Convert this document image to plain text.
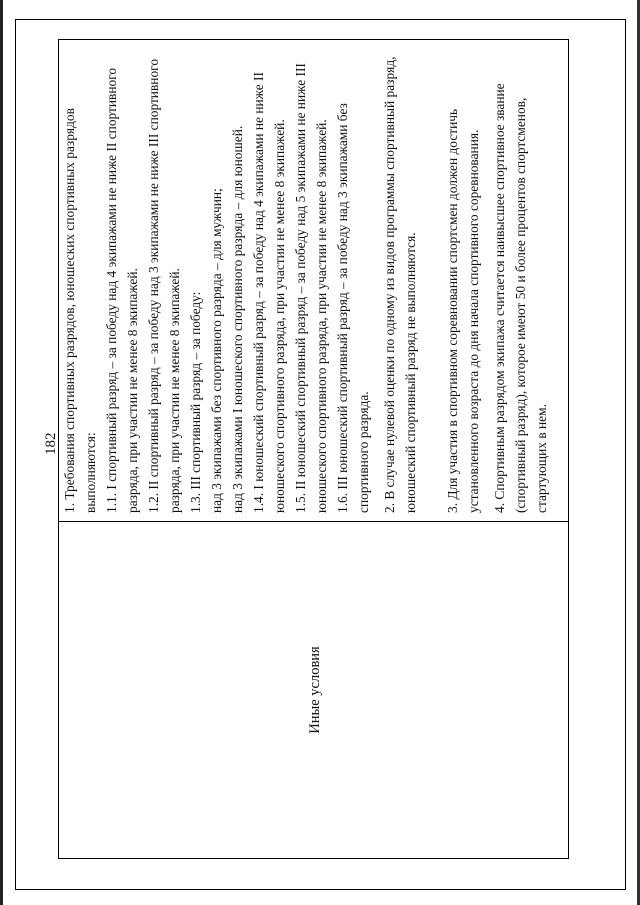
182
Иные условия

1. Требования спортивных разрядов, юношеских спортивных разрядов выполняются: 1.1. I спортивный разряд – за победу над 4 экипажами не ниже II спортивного разряда, при участии не менее 8 экипажей. 1.2. II спортивный разряд – за победу над 3 экипажами не ниже III спортивного разряда, при участии не менее 8 экипажей. 1.3. III спортивный разряд – за победу: над 3 экипажами без спортивного разряда – для мужчин; над 3 экипажами I юношеского спортивного разряда – для юношей. 1.4. I юношеский спортивный разряд – за победу над 4 экипажами не ниже II юношеского спортивного разряда, при участии не менее 8 экипажей. 1.5. II юношеский спортивный разряд – за победу над 5 экипажами не ниже III юношеского спортивного разряда, при участии не менее 8 экипажей. 1.6. III юношеский спортивный разряд – за победу над 3 экипажами без спортивного разряда. 2. В случае нулевой оценки по одному из видов программы спортивный разряд, юношеский спортивный разряд не выполняются. 3. Для участия в спортивном соревновании спортсмен должен достичь установленного возраста до дня начала спортивного соревнования. 4. Спортивным разрядом экипажа считается наивысшее спортивное звание (спортивный разряд), которое имеют 50 и более процентов спортсменов, стартующих в нем.
